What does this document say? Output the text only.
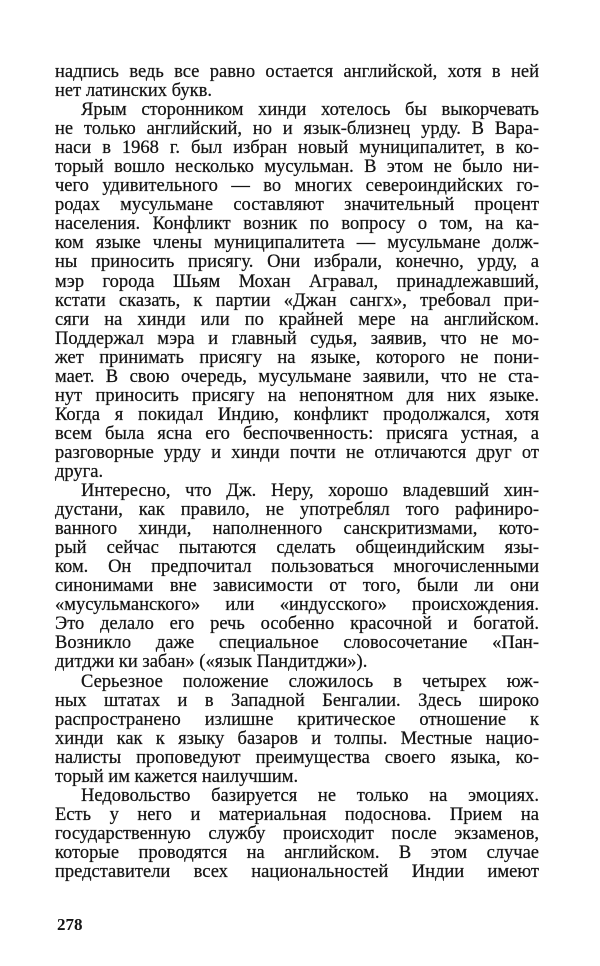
надпись ведь все равно остается английской, хотя в ней
нет латинских букв.
Ярым сторонником хинди хотелось бы выкорчевать
не только английский, но и язык-близнец урду. В Вара-
наси в 1968 г. был избран новый муниципалитет, в ко-
торый вошло несколько мусульман. В этом не было ни-
чего удивительного — во многих североиндийских го-
родах мусульмане составляют значительный процент
населения. Конфликт возник по вопросу о том, на ка-
ком языке члены муниципалитета — мусульмане долж-
ны приносить присягу. Они избрали, конечно, урду, а
мэр города Шьям Мохан Агравал, принадлежавший,
кстати сказать, к партии «Джан сангх», требовал при-
сяги на хинди или по крайней мере на английском.
Поддержал мэра и главный судья, заявив, что не мо-
жет принимать присягу на языке, которого не пони-
мает. В свою очередь, мусульмане заявили, что не ста-
нут приносить присягу на непонятном для них языке.
Когда я покидал Индию, конфликт продолжался, хотя
всем была ясна его беспочвенность: присяга устная, а
разговорные урду и хинди почти не отличаются друг от
друга.
Интересно, что Дж. Неру, хорошо владевший хин-
дустани, как правило, не употреблял того рафиниро-
ванного хинди, наполненного санскритизмами, кото-
рый сейчас пытаются сделать общеиндийским язы-
ком. Он предпочитал пользоваться многочисленными
синонимами вне зависимости от того, были ли они
«мусульманского» или «индусского» происхождения.
Это делало его речь особенно красочной и богатой.
Возникло даже специальное словосочетание «Пан-
дитджи ки забан» («язык Пандитджи»).
Серьезное положение сложилось в четырех юж-
ных штатах и в Западной Бенгалии. Здесь широко
распространено излишне критическое отношение к
хинди как к языку базаров и толпы. Местные нацио-
налисты проповедуют преимущества своего языка, ко-
торый им кажется наилучшим.
Недовольство базируется не только на эмоциях.
Есть у него и материальная подоснова. Прием на
государственную службу происходит после экзаменов,
которые проводятся на английском. В этом случае
представители всех национальностей Индии имеют
278
